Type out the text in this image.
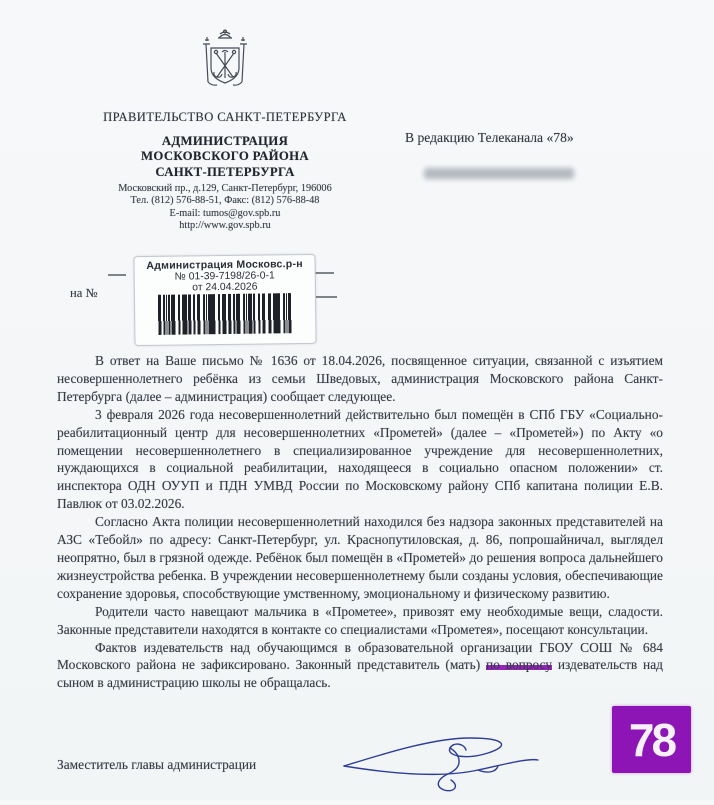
ПРАВИТЕЛЬСТВО САНКТ-ПЕТЕРБУРГА
АДМИНИСТРАЦИЯ
МОСКОВСКОГО РАЙОНА
САНКТ-ПЕТЕРБУРГА
Московский пр., д.129, Санкт-Петербург, 196006
Тел. (812) 576-88-51, Факс: (812) 576-88-48
E-mail: tumos@gov.spb.ru
http://www.gov.spb.ru
на №
Администрация Московс.р-н
№ 01-39-7198/26-0-1
от 24.04.2026
В редакцию Телеканала «78»

В ответ на Ваше письмо № 1636 от 18.04.2026, посвященное ситуации, связанной с изъятием несовершеннолетнего ребёнка из семьи Шведовых, администрация Московского района Санкт-Петербурга (далее – администрация) сообщает следующее.

3 февраля 2026 года несовершеннолетний действительно был помещён в СПб ГБУ «Социально-реабилитационный центр для несовершеннолетних «Прометей» (далее – «Прометей») по Акту «о помещении несовершеннолетнего в специализированное учреждение для несовершеннолетних, нуждающихся в социальной реабилитации, находящееся в социально опасном положении» ст. инспектора ОДН ОУУП и ПДН УМВД России по Московскому району СПб капитана полиции Е.В. Павлюк от 03.02.2026.

Согласно Акта полиции несовершеннолетний находился без надзора законных представителей на АЗС «Тебойл» по адресу: Санкт-Петербург, ул. Краснопутиловская, д. 86, попрошайничал, выглядел неопрятно, был в грязной одежде. Ребёнок был помещён в «Прометей» до решения вопроса дальнейшего жизнеустройства ребенка. В учреждении несовершеннолетнему были созданы условия, обеспечивающие сохранение здоровья, способствующие умственному, эмоциональному и физическому развитию.

Родители часто навещают мальчика в «Прометее», привозят ему необходимые вещи, сладости. Законные представители находятся в контакте со специалистами «Прометея», посещают консультации.

Фактов издевательств над обучающимся в образовательной организации ГБОУ СОШ № 684 Московского района не зафиксировано. Законный представитель (мать) по вопросу издевательств над сыном в администрацию школы не обращалась.

Заместитель главы администрации	78
